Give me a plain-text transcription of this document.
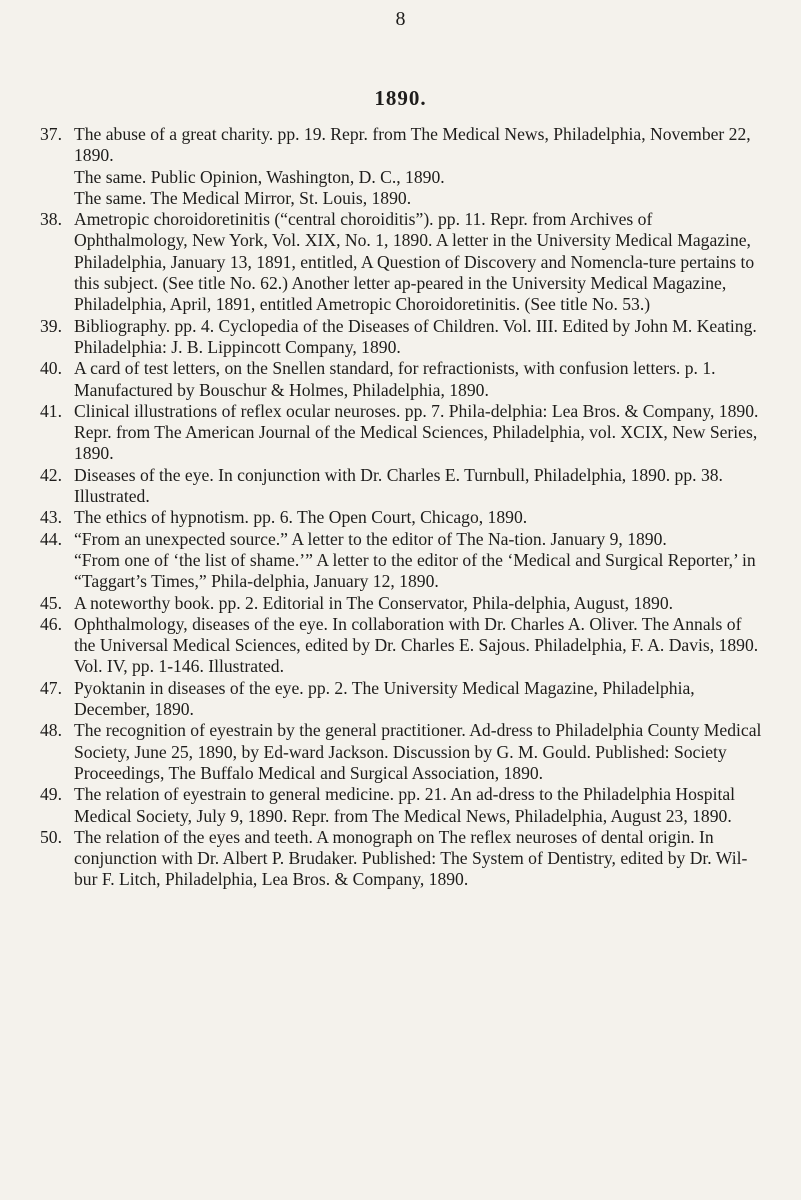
8
1890.
37. The abuse of a great charity. pp. 19. Repr. from The Medical News, Philadelphia, November 22, 1890.
The same. Public Opinion, Washington, D. C., 1890.
The same. The Medical Mirror, St. Louis, 1890.
38. Ametropic choroidoretinitis (“central choroiditis”). pp. 11. Repr. from Archives of Ophthalmology, New York, Vol. XIX, No. 1, 1890. A letter in the University Medical Magazine, Philadelphia, January 13, 1891, entitled, A Question of Discovery and Nomencla-ture pertains to this subject. (See title No. 62.) Another letter ap-peared in the University Medical Magazine, Philadelphia, April, 1891, entitled Ametropic Choroidoretinitis. (See title No. 53.)
39. Bibliography. pp. 4. Cyclopedia of the Diseases of Children. Vol. III. Edited by John M. Keating. Philadelphia: J. B. Lippincott Company, 1890.
40. A card of test letters, on the Snellen standard, for refractionists, with confusion letters. p. 1. Manufactured by Bouschur & Holmes, Philadelphia, 1890.
41. Clinical illustrations of reflex ocular neuroses. pp. 7. Phila-delphia: Lea Bros. & Company, 1890. Repr. from The American Journal of the Medical Sciences, Philadelphia, vol. XCIX, New Series, 1890.
42. Diseases of the eye. In conjunction with Dr. Charles E. Turnbull, Philadelphia, 1890. pp. 38. Illustrated.
43. The ethics of hypnotism. pp. 6. The Open Court, Chicago, 1890.
44. “From an unexpected source.” A letter to the editor of The Na-tion. January 9, 1890.
“From one of ‘the list of shame.’” A letter to the editor of the ‘Medical and Surgical Reporter,’ in “Taggart’s Times,” Phila-delphia, January 12, 1890.
45. A noteworthy book. pp. 2. Editorial in The Conservator, Phila-delphia, August, 1890.
46. Ophthalmology, diseases of the eye. In collaboration with Dr. Charles A. Oliver. The Annals of the Universal Medical Sciences, edited by Dr. Charles E. Sajous. Philadelphia, F. A. Davis, 1890. Vol. IV, pp. 1-146. Illustrated.
47. Pyoktanin in diseases of the eye. pp. 2. The University Medical Magazine, Philadelphia, December, 1890.
48. The recognition of eyestrain by the general practitioner. Ad-dress to Philadelphia County Medical Society, June 25, 1890, by Ed-ward Jackson. Discussion by G. M. Gould. Published: Society Proceedings, The Buffalo Medical and Surgical Association, 1890.
49. The relation of eyestrain to general medicine. pp. 21. An ad-dress to the Philadelphia Hospital Medical Society, July 9, 1890. Repr. from The Medical News, Philadelphia, August 23, 1890.
50. The relation of the eyes and teeth. A monograph on The reflex neuroses of dental origin. In conjunction with Dr. Albert P. Brudaker. Published: The System of Dentistry, edited by Dr. Wil-bur F. Litch, Philadelphia, Lea Bros. & Company, 1890.
